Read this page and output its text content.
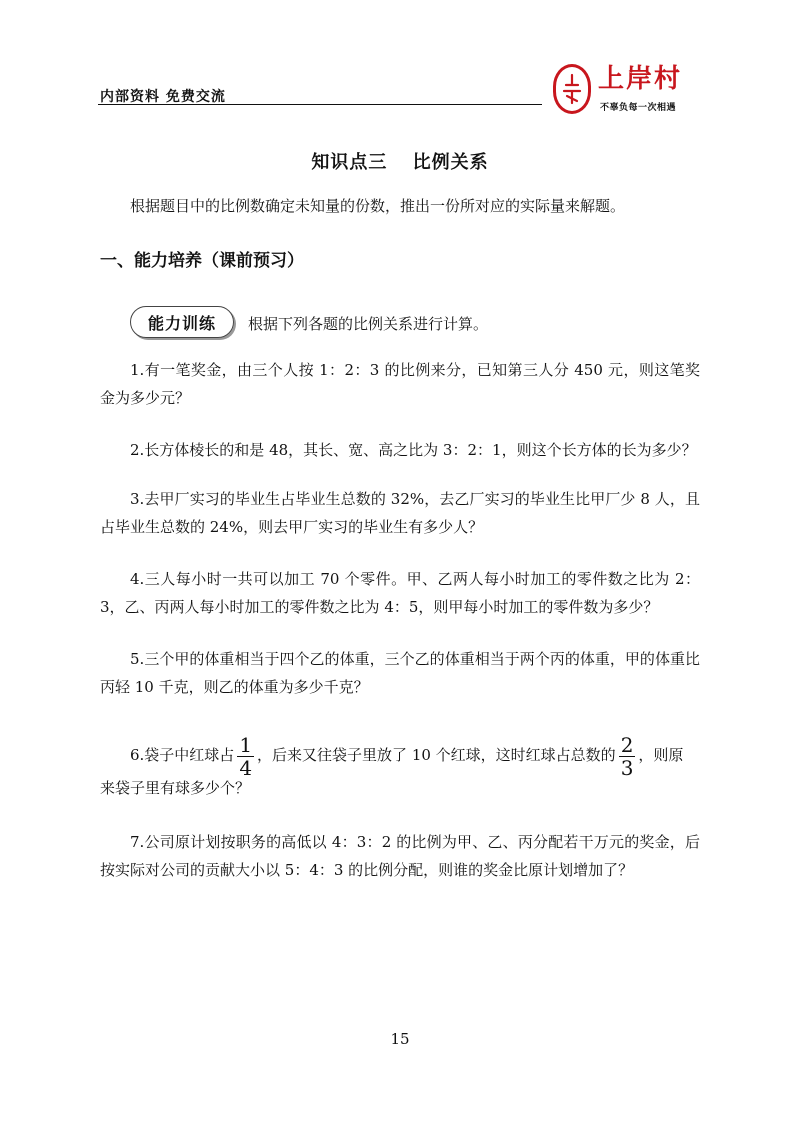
内部资料 免费交流
上岸村
不辜负每一次相遇
知识点三 比例关系
根据题目中的比例数确定未知量的份数，推出一份所对应的实际量来解题。
一、能力培养（课前预习）
能力训练	根据下列各题的比例关系进行计算。
1.有一笔奖金，由三个人按 1：2：3 的比例来分，已知第三人分 450 元，则这笔奖金为多少元？
2.长方体棱长的和是 48，其长、宽、高之比为 3：2：1，则这个长方体的长为多少？
3.去甲厂实习的毕业生占毕业生总数的 32%，去乙厂实习的毕业生比甲厂少 8 人，且占毕业生总数的 24%，则去甲厂实习的毕业生有多少人？
4.三人每小时一共可以加工 70 个零件。甲、乙两人每小时加工的零件数之比为 2：3，乙、丙两人每小时加工的零件数之比为 4：5，则甲每小时加工的零件数为多少？
5.三个甲的体重相当于四个乙的体重，三个乙的体重相当于两个丙的体重，甲的体重比丙轻 10 千克，则乙的体重为多少千克？
6.袋子中红球占 $\frac{1}{4}$ ，后来又往袋子里放了 10 个红球，这时红球占总数的 $\frac{2}{3}$ ，则原
来袋子里有球多少个？
7.公司原计划按职务的高低以 4：3：2 的比例为甲、乙、丙分配若干万元的奖金，后按实际对公司的贡献大小以 5：4：3 的比例分配，则谁的奖金比原计划增加了？
15
